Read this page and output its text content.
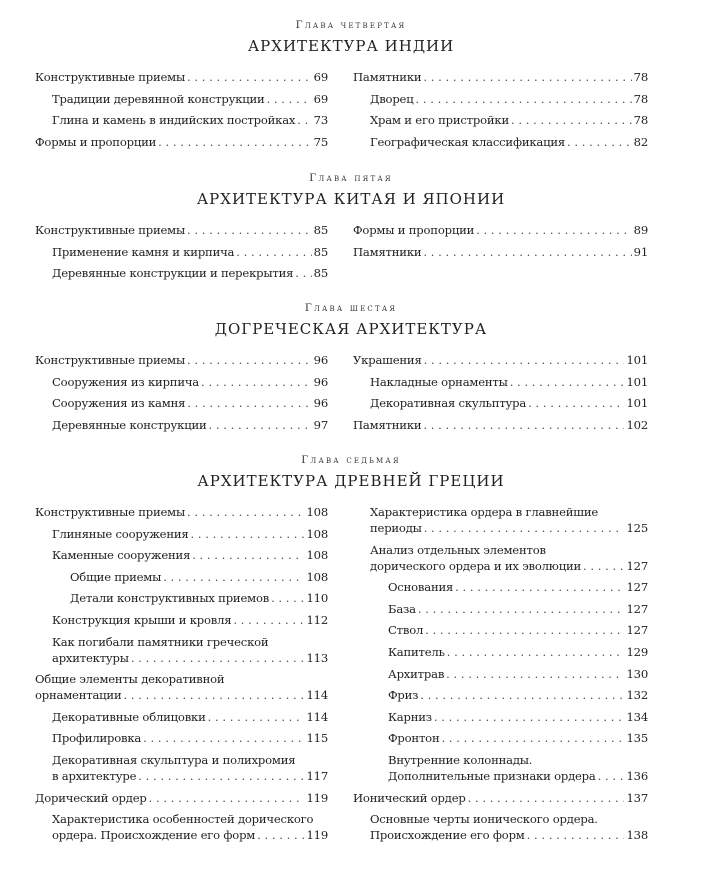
Глава четвертая
АРХИТЕКТУРА ИНДИИ
Конструктивные приемы . . .	69
Традиции деревянной конструкции . . .	69
Глина и камень в индийских постройках . . . 73
Формы и пропорции . . .	75
Памятники . . .	78
Дворец . . .	78
Храм и его пристройки . . .	78
Географическая классификация . . .	82
Глава пятая
АРХИТЕКТУРА КИТАЯ И ЯПОНИИ
Конструктивные приемы . . .	85
Применение камня и кирпича . . .	85
Деревянные конструкции и перекрытия . . . 85
Формы и пропорции . . .	89
Памятники . . .	91
Глава шестая
ДОГРЕЧЕСКАЯ АРХИТЕКТУРА
Конструктивные приемы . . .	96
Сооружения из кирпича . . .	96
Сооружения из камня . . .	96
Деревянные конструкции . . .	97
Украшения . . .	101
Накладные орнаменты . . .	101
Декоративная скульптура . . .	101
Памятники . . .	102
Глава седьмая
АРХИТЕКТУРА ДРЕВНЕЙ ГРЕЦИИ
Конструктивные приемы . . .	108
Глиняные сооружения . . .	108
Каменные сооружения . . .	108
Общие приемы . . .	108
Детали конструктивных приемов . . .	110
Конструкция крыши и кровля . . .	112
Как погибали памятники греческой
архитектуры . . .	113
Общие элементы декоративной
орнаментации . . .	114
Декоративные облицовки . . .	114
Профилировка . . .	115
Декоративная скульптура и полихромия
в архитектуре . . .	117
Дорический ордер . . .	119
Характеристика особенностей дорического
ордера. Происхождение его форм . . .	119
Характеристика ордера в главнейшие
периоды . . .	125
Анализ отдельных элементов
дорического ордера и их эволюции . . .	127
Основания . . .	127
База . . .	127
Ствол . . .	127
Капитель . . .	129
Архитрав . . .	130
Фриз . . .	132
Карниз . . .	134
Фронтон . . .	135
Внутренние колоннады.
Дополнительные признаки ордера . . .	136
Ионический ордер . . .	137
Основные черты ионического ордера.
Происхождение его форм . . .	138
